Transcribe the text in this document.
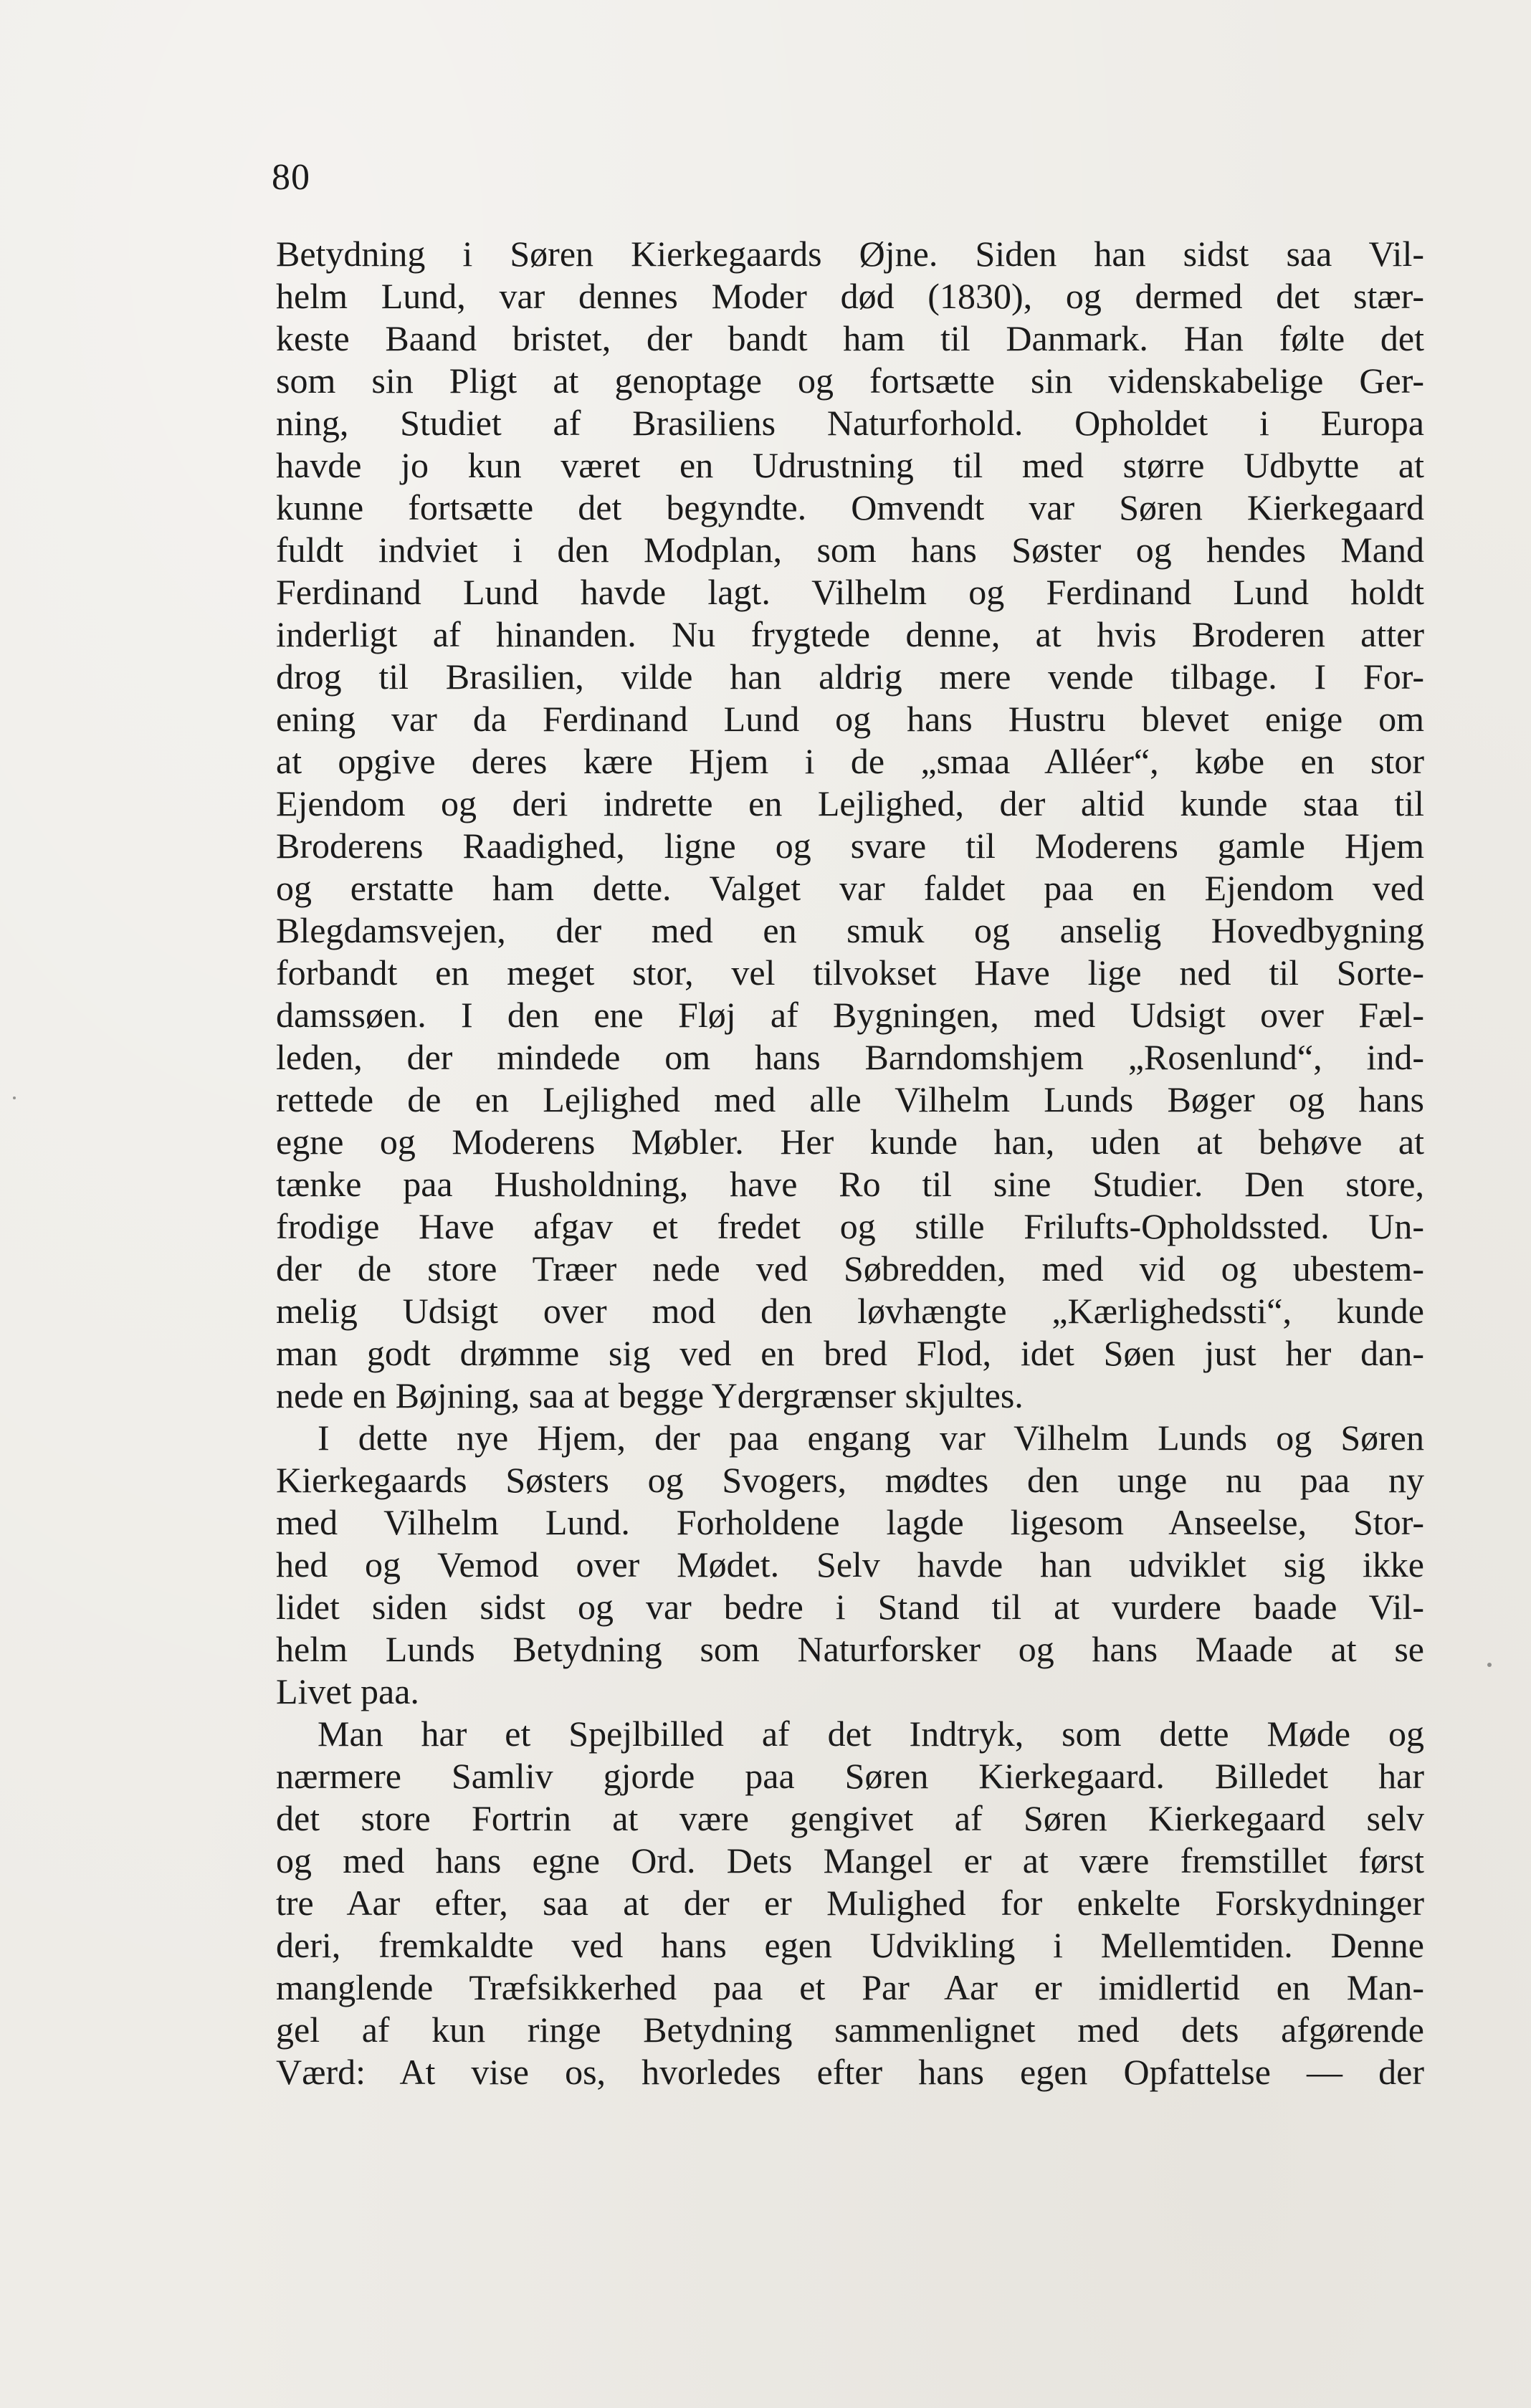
80
Betydning i Søren Kierkegaards Øjne. Siden han sidst saa Vil-
helm Lund, var dennes Moder død (1830), og dermed det stær-
keste Baand bristet, der bandt ham til Danmark. Han følte det
som sin Pligt at genoptage og fortsætte sin videnskabelige Ger-
ning, Studiet af Brasiliens Naturforhold. Opholdet i Europa
havde jo kun været en Udrustning til med større Udbytte at
kunne fortsætte det begyndte. Omvendt var Søren Kierkegaard
fuldt indviet i den Modplan, som hans Søster og hendes Mand
Ferdinand Lund havde lagt. Vilhelm og Ferdinand Lund holdt
inderligt af hinanden. Nu frygtede denne, at hvis Broderen atter
drog til Brasilien, vilde han aldrig mere vende tilbage. I For-
ening var da Ferdinand Lund og hans Hustru blevet enige om
at opgive deres kære Hjem i de „smaa Alléer“, købe en stor
Ejendom og deri indrette en Lejlighed, der altid kunde staa til
Broderens Raadighed, ligne og svare til Moderens gamle Hjem
og erstatte ham dette. Valget var faldet paa en Ejendom ved
Blegdamsvejen, der med en smuk og anselig Hovedbygning
forbandt en meget stor, vel tilvokset Have lige ned til Sorte-
damssøen. I den ene Fløj af Bygningen, med Udsigt over Fæl-
leden, der mindede om hans Barndomshjem „Rosenlund“, ind-
rettede de en Lejlighed med alle Vilhelm Lunds Bøger og hans
egne og Moderens Møbler. Her kunde han, uden at behøve at
tænke paa Husholdning, have Ro til sine Studier. Den store,
frodige Have afgav et fredet og stille Frilufts-Opholdssted. Un-
der de store Træer nede ved Søbredden, med vid og ubestem-
melig Udsigt over mod den løvhængte „Kærlighedssti“, kunde
man godt drømme sig ved en bred Flod, idet Søen just her dan-
nede en Bøjning, saa at begge Ydergrænser skjultes.
I dette nye Hjem, der paa engang var Vilhelm Lunds og Søren
Kierkegaards Søsters og Svogers, mødtes den unge nu paa ny
med Vilhelm Lund. Forholdene lagde ligesom Anseelse, Stor-
hed og Vemod over Mødet. Selv havde han udviklet sig ikke
lidet siden sidst og var bedre i Stand til at vurdere baade Vil-
helm Lunds Betydning som Naturforsker og hans Maade at se
Livet paa.
Man har et Spejlbilled af det Indtryk, som dette Møde og
nærmere Samliv gjorde paa Søren Kierkegaard. Billedet har
det store Fortrin at være gengivet af Søren Kierkegaard selv
og med hans egne Ord. Dets Mangel er at være fremstillet først
tre Aar efter, saa at der er Mulighed for enkelte Forskydninger
deri, fremkaldte ved hans egen Udvikling i Mellemtiden. Denne
manglende Træfsikkerhed paa et Par Aar er imidlertid en Man-
gel af kun ringe Betydning sammenlignet med dets afgørende
Værd: At vise os, hvorledes efter hans egen Opfattelse — der
